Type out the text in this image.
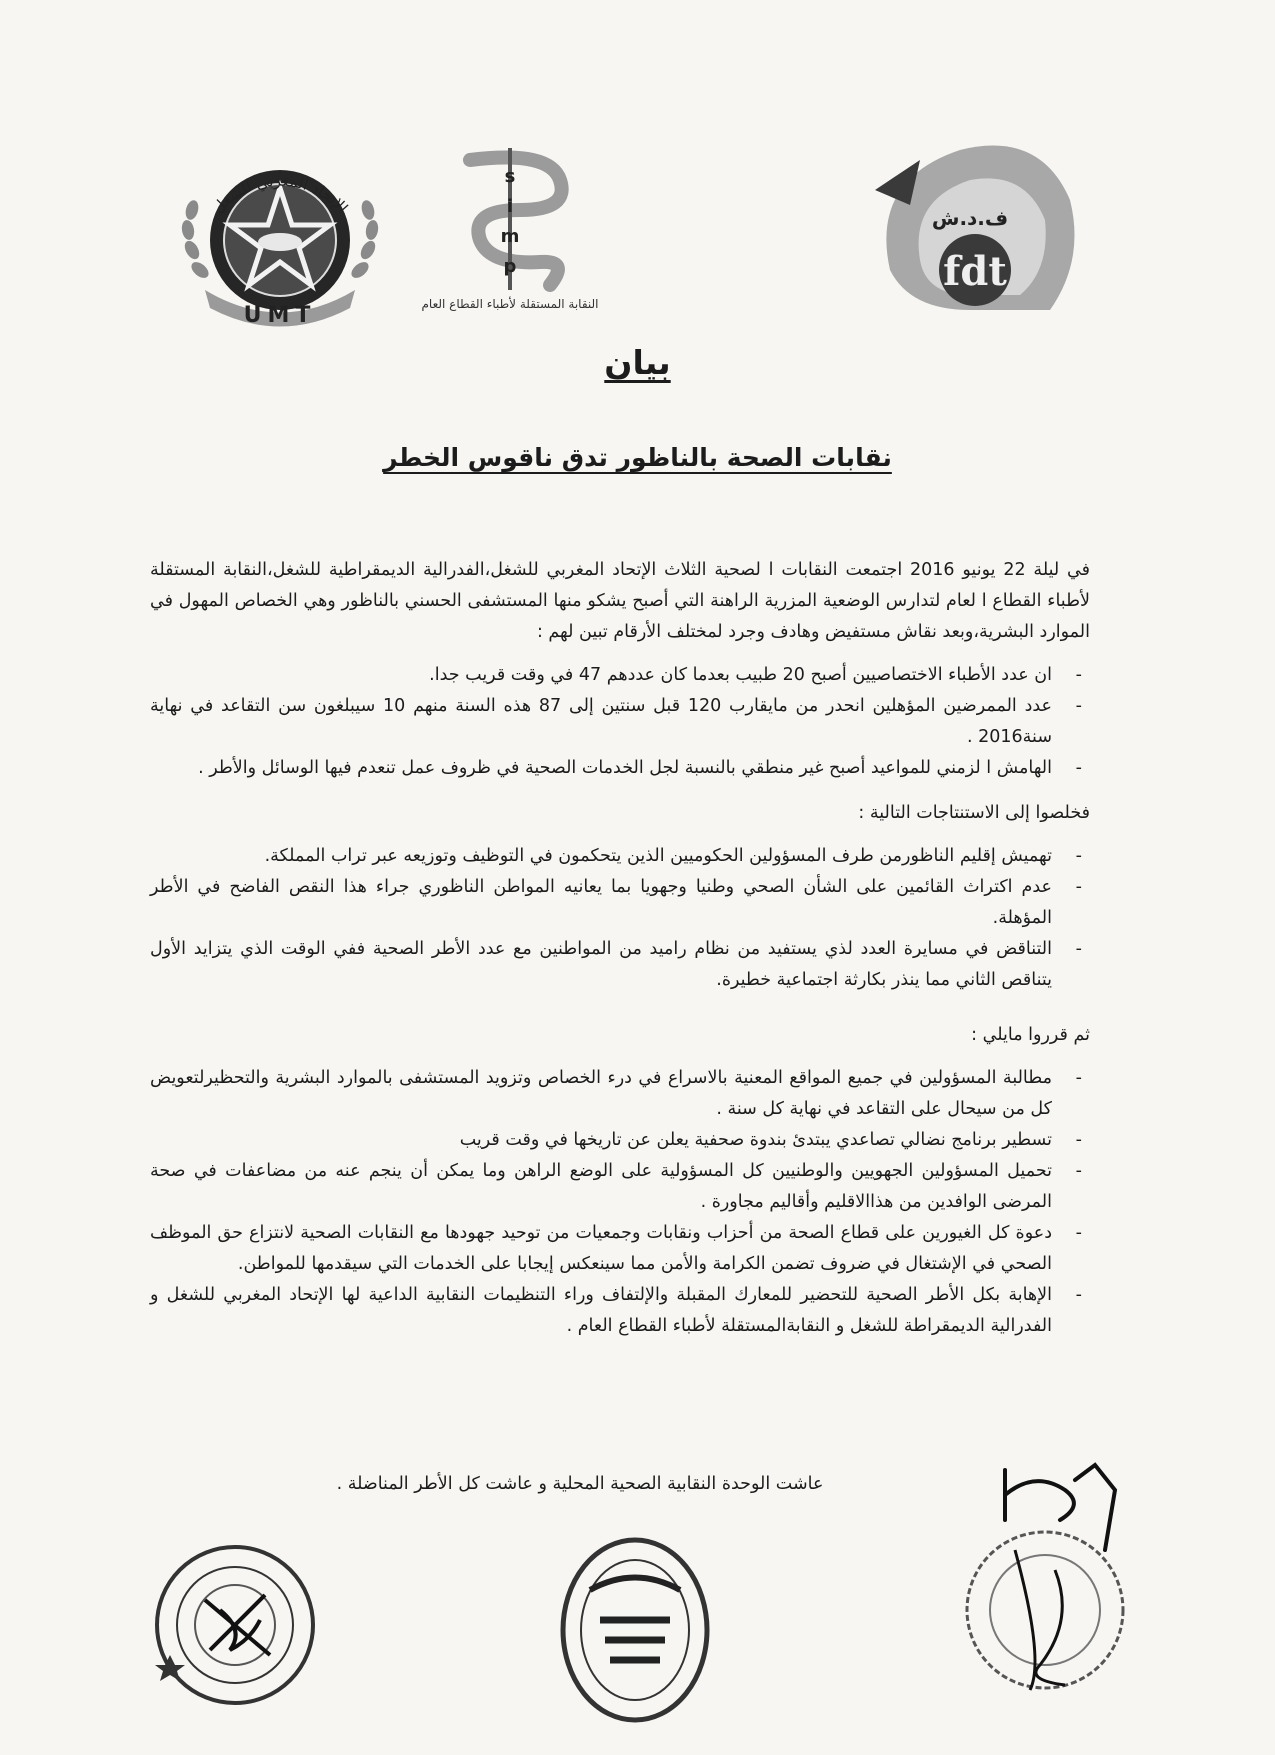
UMT
الإتحاد المغربي للشغل
s
i
m
p
النقابة المستقلة لأطباء القطاع العام
fdt
ف.د.ش
بيان
نقابات الصحة بالناظور تدق ناقوس الخطر

في ليلة 22 يونيو 2016 اجتمعت النقابات ا لصحية الثلاث الإتحاد المغربي للشغل،الفدرالية الديمقراطية للشغل،النقابة المستقلة لأطباء القطاع ا لعام لتدارس الوضعية المزرية الراهنة التي أصبح يشكو منها المستشفى الحسني بالناظور وهي الخصاص المهول في الموارد البشرية،وبعد نقاش مستفيض وهادف وجرد لمختلف الأرقام تبين لهم :

- ان عدد الأطباء الاختصاصيين أصبح 20 طبيب بعدما كان عددهم 47 في وقت قريب جدا.
- عدد الممرضين المؤهلين انحدر من مايقارب 120 قبل سنتين إلى 87 هذه السنة منهم 10 سيبلغون سن التقاعد في نهاية سنة2016 .
- الهامش ا لزمني للمواعيد أصبح غير منطقي بالنسبة لجل الخدمات الصحية في ظروف عمل تنعدم فيها الوسائل والأطر .

فخلصوا إلى الاستنتاجات التالية :

- تهميش إقليم الناظورمن طرف المسؤولين الحكوميين الذين يتحكمون في التوظيف وتوزيعه عبر تراب المملكة.
- عدم اكتراث القائمين على الشأن الصحي وطنيا وجهويا بما يعانيه المواطن الناظوري جراء هذا النقص الفاضح في الأطر المؤهلة.
- التناقض في مسايرة العدد لذي يستفيد من نظام راميد من المواطنين مع عدد الأطر الصحية ففي الوقت الذي يتزايد الأول يتناقص الثاني مما ينذر بكارثة اجتماعية خطيرة.

ثم قرروا مايلي :

- مطالبة المسؤولين في جميع المواقع المعنية بالاسراع في درء الخصاص وتزويد المستشفى بالموارد البشرية والتحظيرلتعويض كل من سيحال على التقاعد في نهاية كل سنة .
- تسطير برنامج نضالي تصاعدي يبتدئ بندوة صحفية يعلن عن تاريخها في وقت قريب
- تحميل المسؤولين الجهويين والوطنيين كل المسؤولية على الوضع الراهن وما يمكن أن ينجم عنه من مضاعفات في صحة المرضى الوافدين من هذاالاقليم وأقاليم مجاورة .
- دعوة كل الغيورين على قطاع الصحة من أحزاب ونقابات وجمعيات من توحيد جهودها مع النقابات الصحية لانتزاع حق الموظف الصحي في الإشتغال في ضروف تضمن الكرامة والأمن مما سينعكس إيجابا على الخدمات التي سيقدمها للمواطن.
- الإهابة بكل الأطر الصحية للتحضير للمعارك المقبلة والإلتفاف وراء التنظيمات النقابية الداعية لها الإتحاد المغربي للشغل و الفدرالية الديمقراطة للشغل و النقابةالمستقلة لأطباء القطاع العام .
عاشت الوحدة النقابية الصحية المحلية و عاشت كل الأطر المناضلة .
